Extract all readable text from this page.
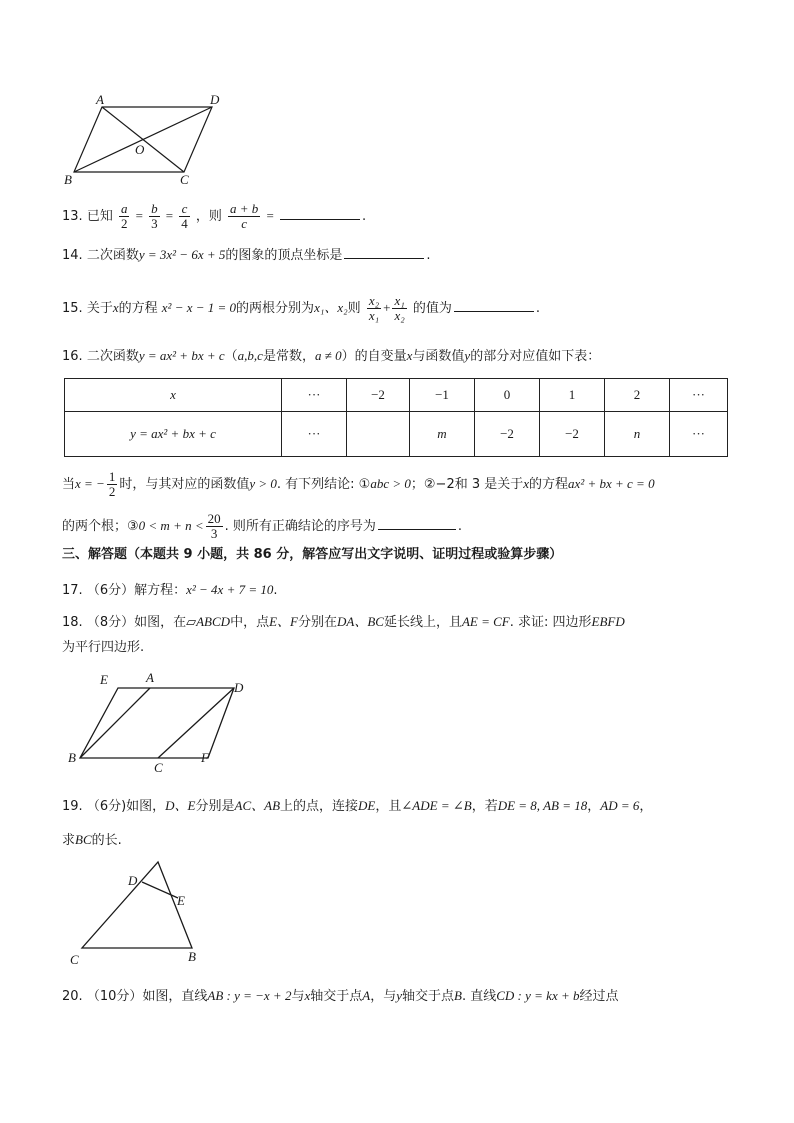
A	D
O
B	C
13. 已知 $\frac{a}{2} = \frac{b}{3} = \frac{c}{4}$ ，则 $\frac{a + b}{c}$ =	.
14. 二次函数y = 3x² − 6x + 5的图象的顶点坐标是	.
15. 关于x的方程 x² − x − 1 = 0的两根分别为x₁、x₂则 $\frac{\text{x₂}}{\text{x₁}} + \frac{\text{x₁}}{\text{x₂}}$ 的值为	.
16. 二次函数y = ax² + bx + c（a,b,c是常数，a ≠ 0）的自变量x与函数值y的部分对应值如下表：
x	···	−2	−1	0	1	2	···
y = ax² + bx + c	···		m	−2	−2	n	···
当x = − $\frac{1}{2}$ 时，与其对应的函数值y > 0. 有下列结论: ①abc > 0；②−2和 3 是关于x的方程ax² + bx + c = 0
的两个根；③0 < $m + n < \frac{20}{3}$ . 则所有正确结论的序号为	.
三、解答题（本题共 9 小题，共 86 分，解答应写出文字说明、证明过程或验算步骤）
17. （6分）解方程：x² − 4x + 7 = 10.
18. （8分）如图，在▱ABCD中，点E、F分别在DA、BC延长线上，且AE = CF. 求证: 四边形EBFD
为平行四边形.
E	A
D
B
C
F
19. （6分)如图，D、E分别是AC、AB上的点，连接DE，且∠ADE = ∠B，若DE = 8, AB = 18，AD = 6，
求BC的长.
D
E
C	B
20. （10分）如图，直线AB : y = −x + 2与x轴交于点A，与y轴交于点B. 直线CD : y = kx + b经过点
